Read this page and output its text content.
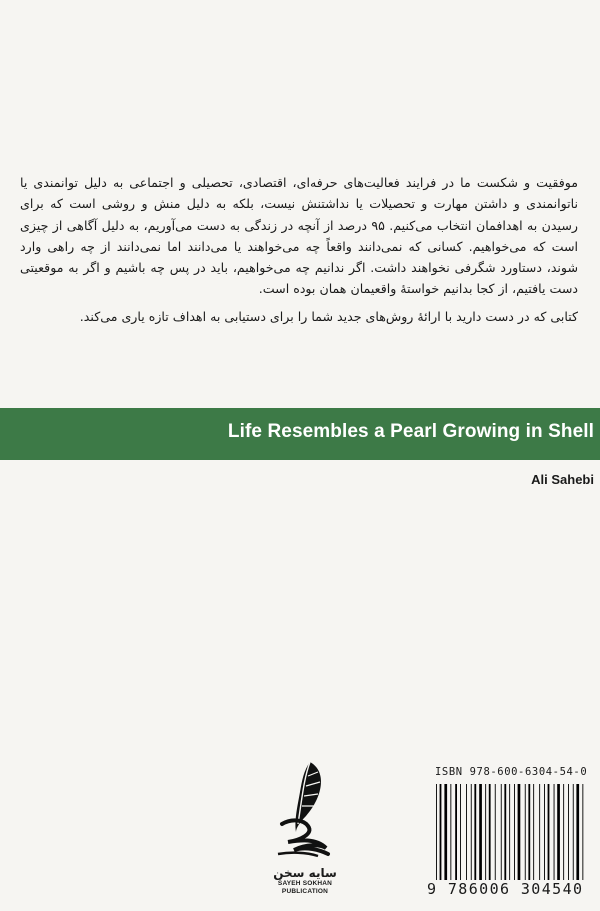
موفقیت و شکست ما در فرایند فعالیت‌های حرفه‌ای، اقتصادی، تحصیلی و اجتماعی به دلیل توانمندی یا ناتوانمندی و داشتن مهارت و تحصیلات یا نداشتنش نیست، بلکه به دلیل منش و روشی است که برای رسیدن به اهدافمان انتخاب می‌کنیم. ۹۵ درصد از آنچه در زندگی به دست می‌آوریم، به دلیل آگاهی از چیزی است که می‌خواهیم. کسانی که نمی‌دانند واقعاً چه می‌خواهند یا می‌دانند اما نمی‌دانند از چه راهی وارد شوند، دستاورد شگرفی نخواهند داشت. اگر ندانیم چه می‌خواهیم، باید در پس چه باشیم و اگر به موقعیتی دست یافتیم، از کجا بدانیم خواستهٔ واقعیمان همان بوده است.

کتابی که در دست دارید با ارائهٔ روش‌های جدید شما را برای دستیابی به اهداف تازه یاری می‌کند.

Life Resembles a Pearl Growing in Shell
Ali Sahebi
سایه سخن
SAYEH SOKHAN
PUBLICATION
ISBN 978-600-6304-54-0
9 786006 304540
